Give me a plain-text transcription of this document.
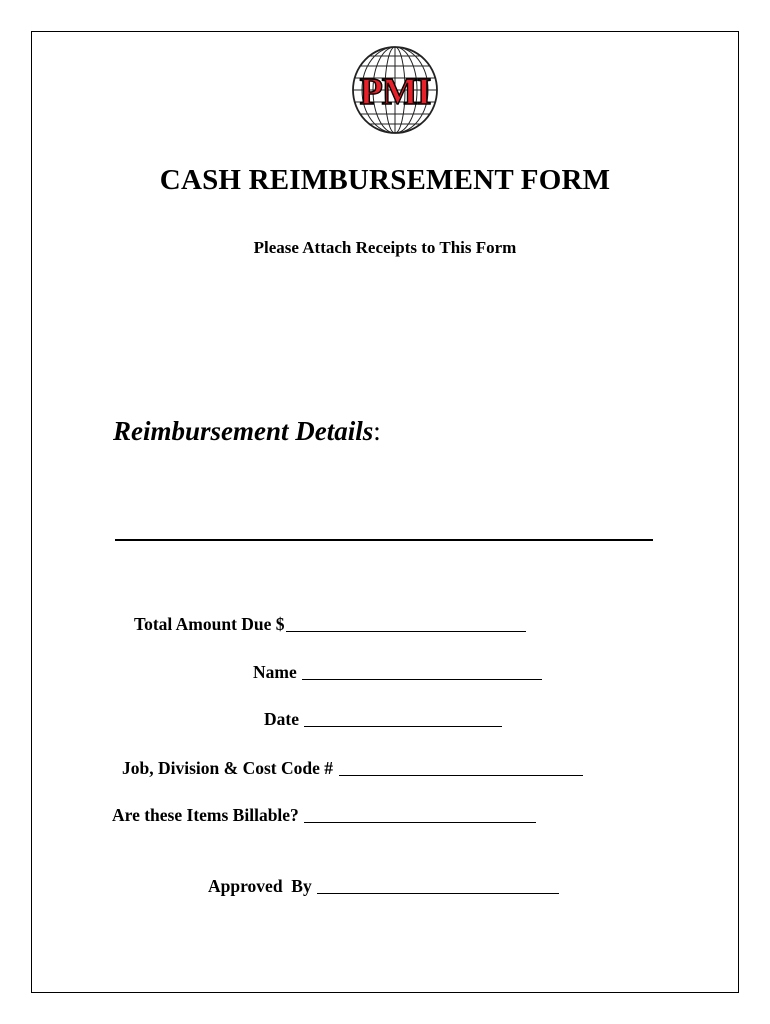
PMI
CASH REIMBURSEMENT FORM
Please Attach Receipts to This Form
Reimbursement Details:
Total Amount Due $
Name
Date
Job, Division & Cost Code #
Are these Items Billable?
Approved  By
